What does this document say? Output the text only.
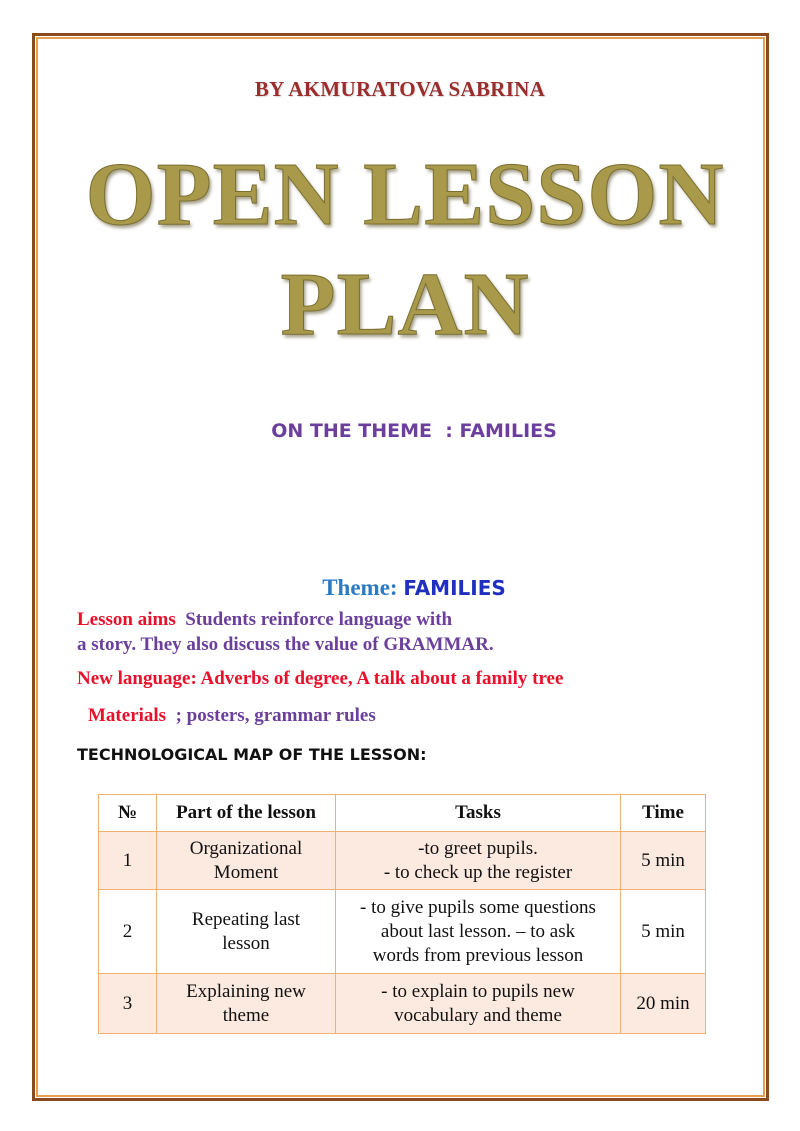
BY AKMURATOVA SABRINA
OPEN LESSON
PLAN
ON THE THEME  : FAMILIES
Theme: FAMILIES
Lesson aims Students reinforce language with
a story. They also discuss the value of GRAMMAR.
New language: Adverbs of degree, A talk about a family tree
Materials ; posters, grammar rules
TECHNOLOGICAL MAP OF THE LESSON:
№	Part of the lesson	Tasks	Time
1	Organizational
Moment	-to greet pupils.
- to check up the register	5 min
2	Repeating last
lesson	- to give pupils some questions
about last lesson. – to ask
words from previous lesson	5 min
3	Explaining new
theme	- to explain to pupils new
vocabulary and theme	20 min
